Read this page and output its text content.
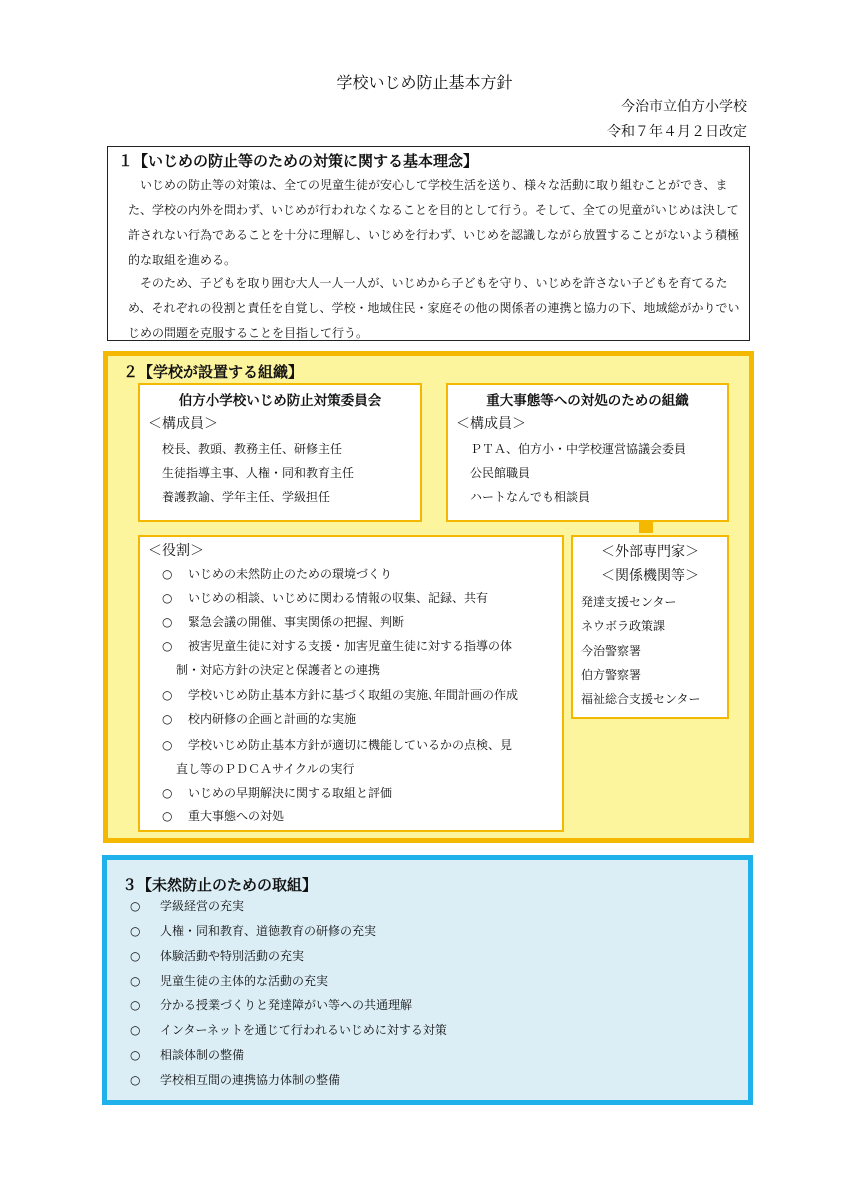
学校いじめ防止基本方針
今治市立伯方小学校
令和７年４月２日改定
１【いじめの防止等のための対策に関する基本理念】
いじめの防止等の対策は、全ての児童生徒が安心して学校生活を送り、様々な活動に取り組むことができ、また、学校の内外を問わず、いじめが行われなくなることを目的として行う。そして、全ての児童がいじめは決して許されない行為であることを十分に理解し、いじめを行わず、いじめを認識しながら放置することがないよう積極的な取組を進める。
そのため、子どもを取り囲む大人一人一人が、いじめから子どもを守り、いじめを許さない子どもを育てるため、それぞれの役割と責任を自覚し、学校・地域住民・家庭その他の関係者の連携と協力の下、地域総がかりでいじめの問題を克服することを目指して行う。
２【学校が設置する組織】
伯方小学校いじめ防止対策委員会
＜構成員＞
校長、教頭、教務主任、研修主任
生徒指導主事、人権・同和教育主任
養護教諭、学年主任、学級担任
重大事態等への対処のための組織
＜構成員＞
ＰＴＡ、伯方小・中学校運営協議会委員
公民館職員
ハートなんでも相談員
＜役割＞
○ いじめの未然防止のための環境づくり
○ いじめの相談、いじめに関わる情報の収集、記録、共有
○ 緊急会議の開催、事実関係の把握、判断
○ 被害児童生徒に対する支援・加害児童生徒に対する指導の体
制・対応方針の決定と保護者との連携
○ 学校いじめ防止基本方針に基づく取組の実施､年間計画の作成
○ 校内研修の企画と計画的な実施
○ 学校いじめ防止基本方針が適切に機能しているかの点検、見
直し等のＰＤＣＡサイクルの実行
○ いじめの早期解決に関する取組と評価
○ 重大事態への対処
＜外部専門家＞
＜関係機関等＞
発達支援センター
ネウボラ政策課
今治警察署
伯方警察署
福祉総合支援センター
３【未然防止のための取組】
○ 学級経営の充実
○ 人権・同和教育、道徳教育の研修の充実
○ 体験活動や特別活動の充実
○ 児童生徒の主体的な活動の充実
○ 分かる授業づくりと発達障がい等への共通理解
○ インターネットを通じて行われるいじめに対する対策
○ 相談体制の整備
○ 学校相互間の連携協力体制の整備
